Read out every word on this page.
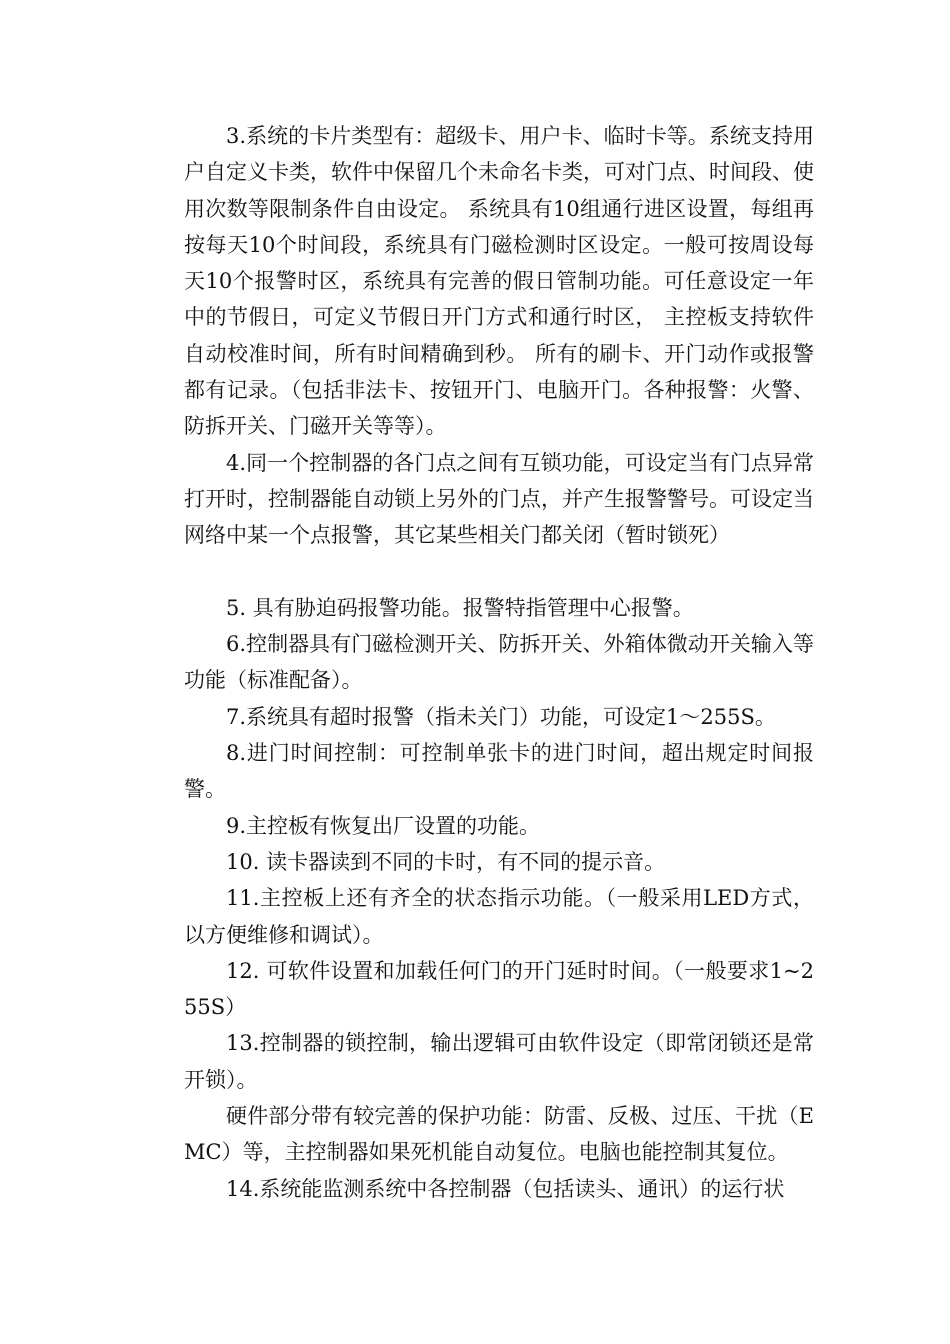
3.系统的卡片类型有：超级卡、用户卡、临时卡等。系统支持用户自定义卡类，软件中保留几个未命名卡类，可对门点、时间段、使用次数等限制条件自由设定。 系统具有10组通行进区设置，每组再按每天10个时间段，系统具有门磁检测时区设定。一般可按周设每天10个报警时区，系统具有完善的假日管制功能。可任意设定一年中的节假日，可定义节假日开门方式和通行时区， 主控板支持软件自动校准时间，所有时间精确到秒。 所有的刷卡、开门动作或报警都有记录。（包括非法卡、按钮开门、电脑开门。各种报警：火警、防拆开关、门磁开关等等）。

4.同一个控制器的各门点之间有互锁功能，可设定当有门点异常打开时，控制器能自动锁上另外的门点，并产生报警警号。可设定当网络中某一个点报警，其它某些相关门都关闭（暂时锁死）

5. 具有胁迫码报警功能。报警特指管理中心报警。

6.控制器具有门磁检测开关、防拆开关、外箱体微动开关输入等功能（标准配备）。

7.系统具有超时报警（指未关门）功能，可设定1～255S。

8.进门时间控制：可控制单张卡的进门时间，超出规定时间报警。

9.主控板有恢复出厂设置的功能。

10. 读卡器读到不同的卡时，有不同的提示音。

11.主控板上还有齐全的状态指示功能。（一般采用LED方式，以方便维修和调试）。

12. 可软件设置和加载任何门的开门延时时间。（一般要求1~255S）

13.控制器的锁控制，输出逻辑可由软件设定（即常闭锁还是常开锁）。

硬件部分带有较完善的保护功能：防雷、反极、过压、干扰（EMC）等，主控制器如果死机能自动复位。电脑也能控制其复位。

14.系统能监测系统中各控制器（包括读头、通讯）的运行状
